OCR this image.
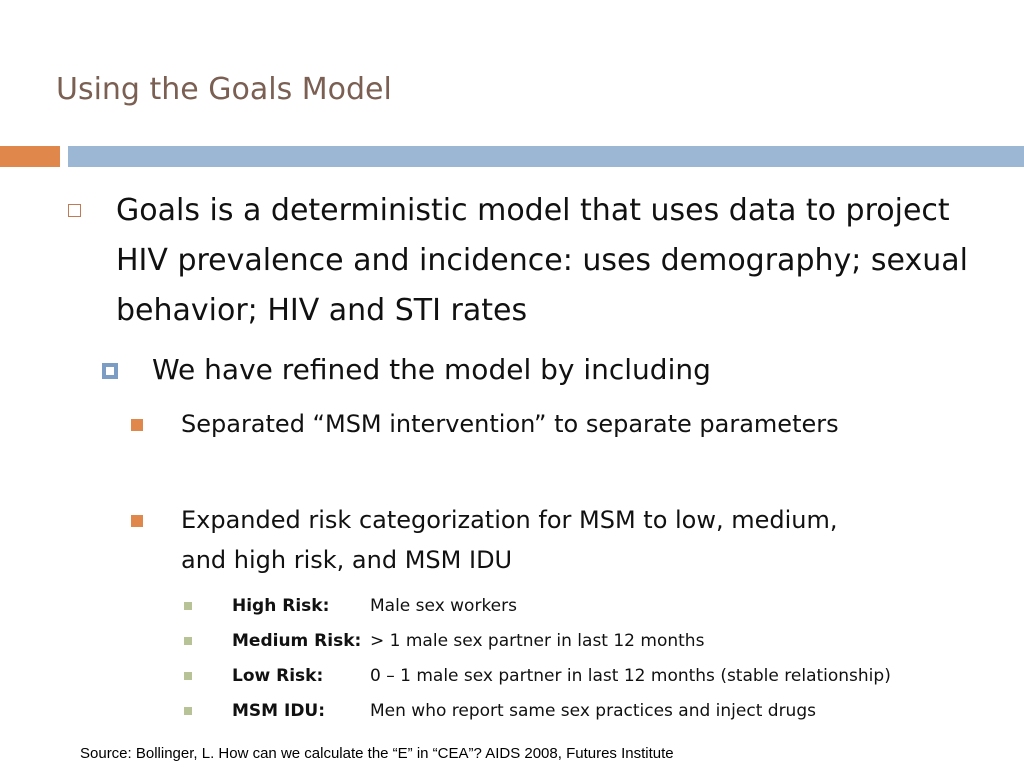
Using the Goals Model
Goals is a deterministic model that uses data to project HIV prevalence and incidence: uses demography; sexual behavior; HIV and STI rates
We have refined the model by including
Separated “MSM intervention” to separate parameters
Expanded risk categorization for MSM to low, medium, and high risk, and MSM IDU
High Risk: Male sex workers
Medium Risk: > 1 male sex partner in last 12 months
Low Risk:	0 – 1 male sex partner in last 12 months (stable relationship)
MSM IDU:	Men who report same sex practices and inject drugs
Source: Bollinger, L. How can we calculate the “E” in “CEA”? AIDS 2008, Futures Institute
